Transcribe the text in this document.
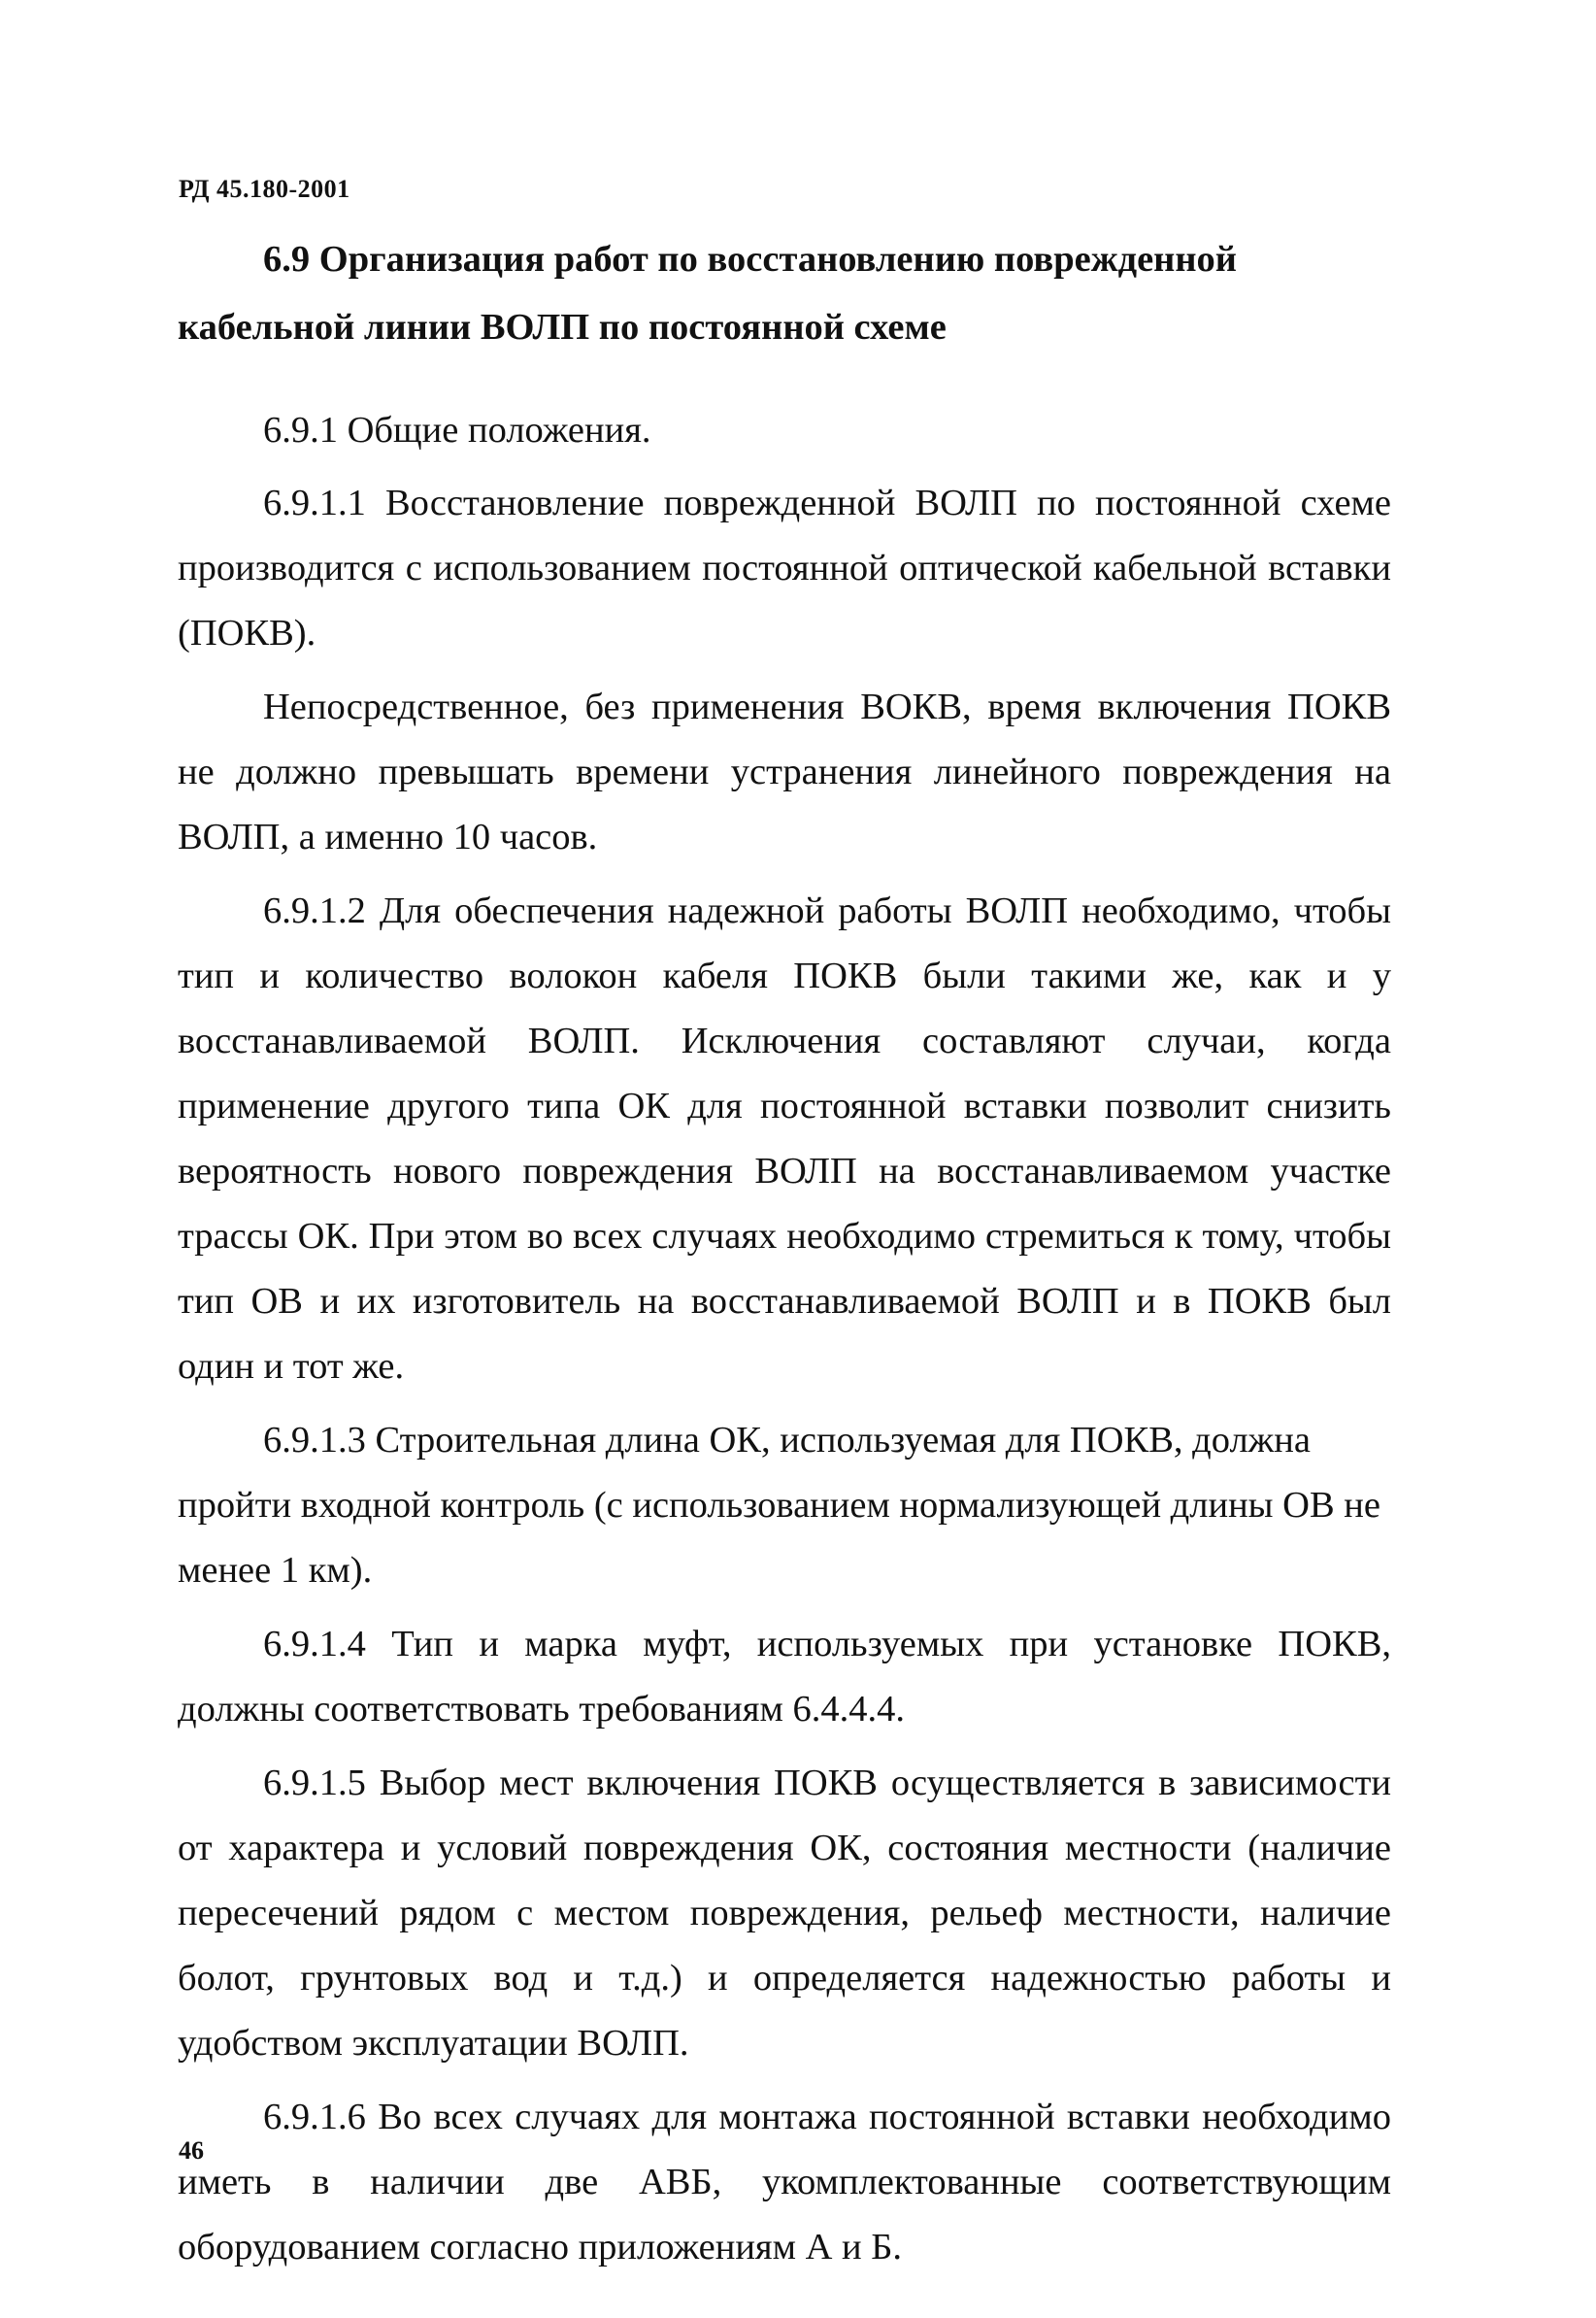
РД 45.180-2001

6.9 Организация работ по восстановлению поврежденной кабельной линии ВОЛП по постоянной схеме

6.9.1 Общие положения.

6.9.1.1 Восстановление поврежденной ВОЛП по постоянной схеме производится с использованием постоянной оптической кабельной вставки (ПОКВ).

Непосредственное, без применения ВОКВ, время включения ПОКВ не должно превышать времени устранения линейного повреждения на ВОЛП, а именно 10 часов.

6.9.1.2 Для обеспечения надежной работы ВОЛП необходимо, чтобы тип и количество волокон кабеля ПОКВ были такими же, как и у восстанавливаемой ВОЛП. Исключения составляют случаи, когда применение другого типа ОК для постоянной вставки позволит снизить вероятность нового повреждения ВОЛП на восстанавливаемом участке трассы ОК. При этом во всех случаях необходимо стремиться к тому, чтобы тип ОВ и их изготовитель на восстанавливаемой ВОЛП и в ПОКВ был один и тот же.

6.9.1.3 Строительная длина ОК, используемая для ПОКВ, должна пройти входной контроль (с использованием нормализующей длины ОВ не менее 1 км).

6.9.1.4 Тип и марка муфт, используемых при установке ПОКВ, должны соответствовать требованиям 6.4.4.4.

6.9.1.5 Выбор мест включения ПОКВ осуществляется в зависимости от характера и условий повреждения ОК, состояния местности (наличие пересечений рядом с местом повреждения, рельеф местности, наличие болот, грунтовых вод и т.д.) и определяется надежностью работы и удобством эксплуатации ВОЛП.

6.9.1.6 Во всех случаях для монтажа постоянной вставки необходимо иметь в наличии две АВБ, укомплектованные соответствующим оборудованием согласно приложениям А и Б.

46
